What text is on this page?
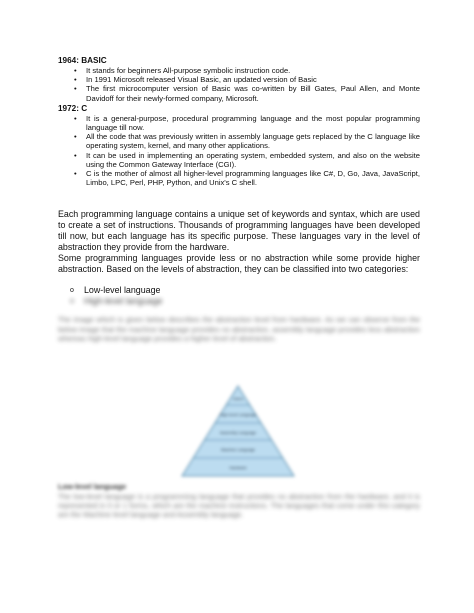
1964: BASIC

• It stands for beginners All-purpose symbolic instruction code.
• In 1991 Microsoft released Visual Basic, an updated version of Basic
• The first microcomputer version of Basic was co-written by Bill Gates, Paul Allen, and Monte Davidoff for their newly-formed company, Microsoft.

1972: C

• It is a general-purpose, procedural programming language and the most popular programming language till now.
• All the code that was previously written in assembly language gets replaced by the C language like operating system, kernel, and many other applications.
• It can be used in implementing an operating system, embedded system, and also on the website using the Common Gateway Interface (CGI).
• C is the mother of almost all higher-level programming languages like C#, D, Go, Java, JavaScript, Limbo, LPC, Perl, PHP, Python, and Unix's C shell.

Each programming language contains a unique set of keywords and syntax, which are used to create a set of instructions. Thousands of programming languages have been developed till now, but each language has its specific purpose. These languages vary in the level of abstraction they provide from the hardware.

Some programming languages provide less or no abstraction while some provide higher abstraction. Based on the levels of abstraction, they can be classified into two categories:

o Low-level language
o High-level language

The image which is given below describes the abstraction level from hardware. As we can observe from the below image that the machine language provides no abstraction, assembly language provides less abstraction whereas high-level language provides a higher level of abstraction.

Users
High-level Language
Assembly Language
Machine Language
Hardware
Low-level language
The low-level language is a programming language that provides no abstraction from the hardware, and it is represented in 0 or 1 forms, which are the machine instructions. The languages that come under this category are the Machine level language and Assembly language.
